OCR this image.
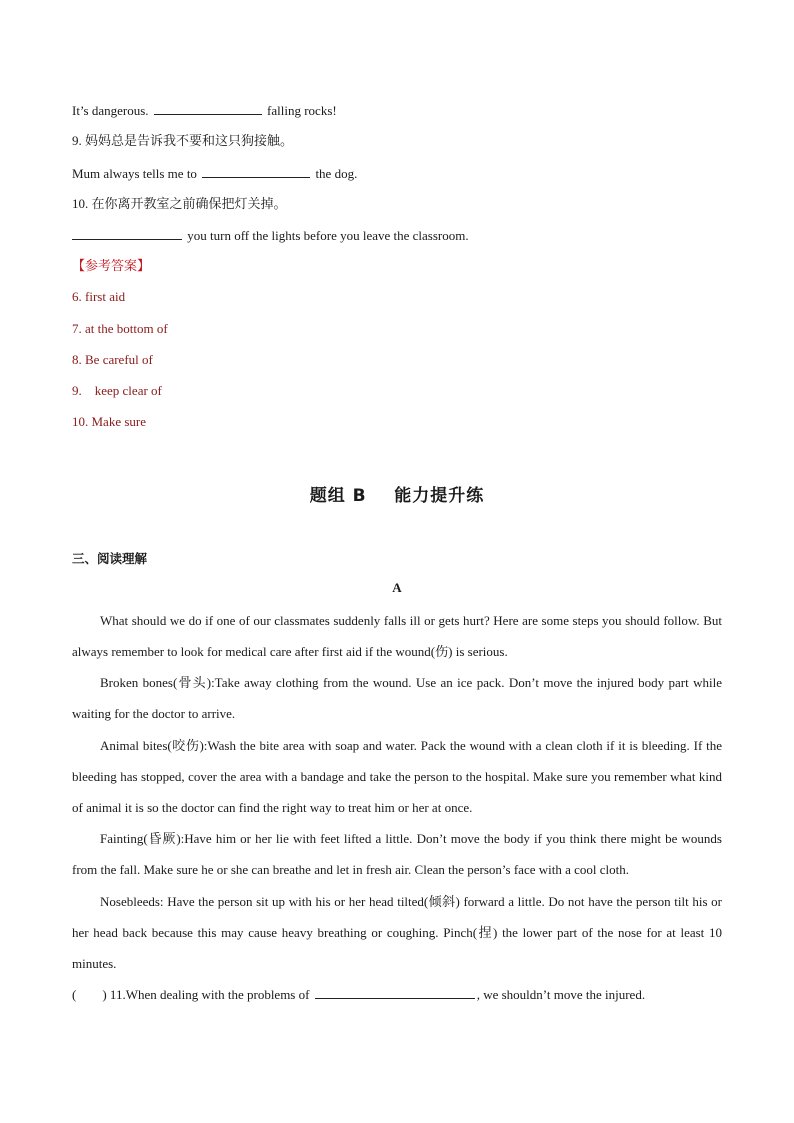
It’s dangerous.	falling rocks!
9. 妈妈总是告诉我不要和这只狗接触。
Mum always tells me to	the dog.
10. 在你离开教室之前确保把灯关掉。
you turn off the lights before you leave the classroom.
【参考答案】
6. first aid
7. at the bottom of
8. Be careful of
9.    keep clear of
10. Make sure
题组 B    能力提升练
三、阅读理解
A
What should we do if one of our classmates suddenly falls ill or gets hurt? Here are some steps you should follow. But always remember to look for medical care after first aid if the wound(伤) is serious.
Broken bones(骨头):Take away clothing from the wound. Use an ice pack. Don’t move the injured body part while waiting for the doctor to arrive.
Animal bites(咬伤):Wash the bite area with soap and water. Pack the wound with a clean cloth if it is bleeding. If the bleeding has stopped, cover the area with a bandage and take the person to the hospital. Make sure you remember what kind of animal it is so the doctor can find the right way to treat him or her at once.
Fainting(昏厥):Have him or her lie with feet lifted a little. Don’t move the body if you think there might be wounds from the fall. Make sure he or she can breathe and let in fresh air. Clean the person’s face with a cool cloth.
Nosebleeds: Have the person sit up with his or her head tilted(倾斜) forward a little. Do not have the person tilt his or her head back because this may cause heavy breathing or coughing. Pinch(捏) the lower part of the nose for at least 10 minutes.
(        ) 11.When dealing with the problems of	, we shouldn’t move the injured.
